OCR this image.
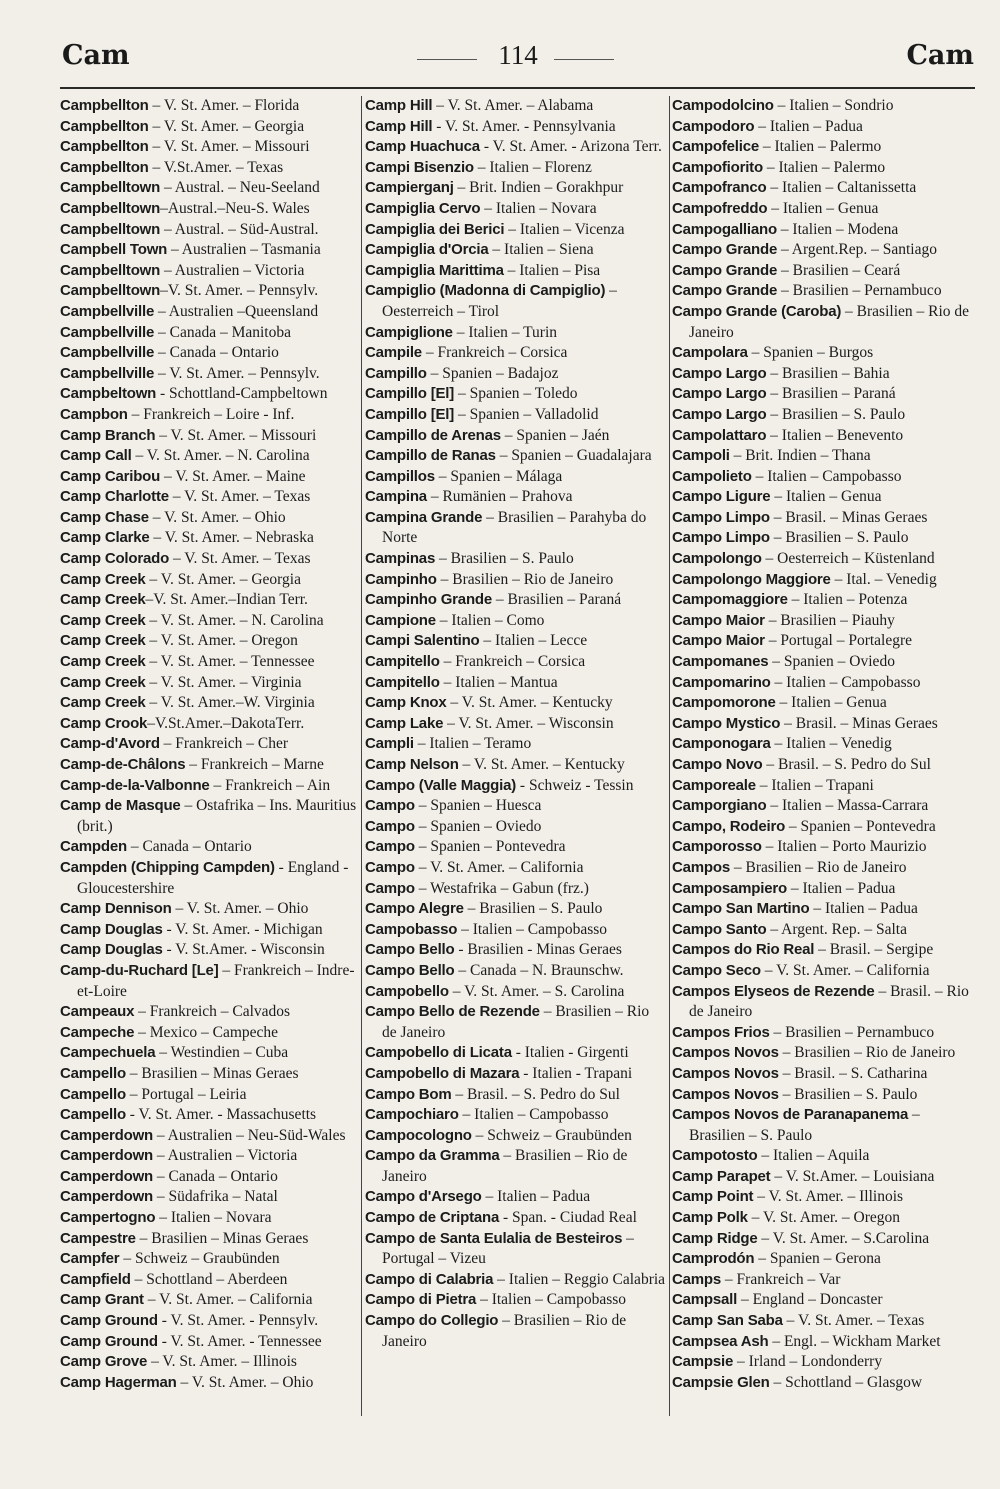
Cam	114	Cam
Campbellton – V. St. Amer. – Florida
Campbellton – V. St. Amer. – Georgia
Campbellton – V. St. Amer. – Missouri
Campbellton – V.St.Amer. – Texas
Campbelltown – Austral. – Neu-Seeland
Campbelltown–Austral.–Neu-S. Wales
Campbelltown – Austral. – Süd-Austral.
Campbell Town – Australien – Tasmania
Campbelltown – Australien – Victoria
Campbelltown–V. St. Amer. – Pennsylv.
Campbellville – Australien –Queensland
Campbellville – Canada – Manitoba
Campbellville – Canada – Ontario
Campbellville – V. St. Amer. – Pennsylv.
Campbeltown - Schottland-Campbeltown
Campbon – Frankreich – Loire - Inf.
Camp Branch – V. St. Amer. – Missouri
Camp Call – V. St. Amer. – N. Carolina
Camp Caribou – V. St. Amer. – Maine
Camp Charlotte – V. St. Amer. – Texas
Camp Chase – V. St. Amer. – Ohio
Camp Clarke – V. St. Amer. – Nebraska
Camp Colorado – V. St. Amer. – Texas
Camp Creek – V. St. Amer. – Georgia
Camp Creek–V. St. Amer.–Indian Terr.
Camp Creek – V. St. Amer. – N. Carolina
Camp Creek – V. St. Amer. – Oregon
Camp Creek – V. St. Amer. – Tennessee
Camp Creek – V. St. Amer. – Virginia
Camp Creek – V. St. Amer.–W. Virginia
Camp Crook–V.St.Amer.–DakotaTerr.
Camp-d'Avord – Frankreich – Cher
Camp-de-Châlons – Frankreich – Marne
Camp-de-la-Valbonne – Frankreich – Ain
Camp de Masque – Ostafrika – Ins. Mauritius (brit.)
Campden – Canada – Ontario
Campden (Chipping Campden) - England - Gloucestershire
Camp Dennison – V. St. Amer. – Ohio
Camp Douglas - V. St. Amer. - Michigan
Camp Douglas - V. St.Amer. - Wisconsin
Camp-du-Ruchard [Le] – Frankreich – Indre-et-Loire
Campeaux – Frankreich – Calvados
Campeche – Mexico – Campeche
Campechuela – Westindien – Cuba
Campello – Brasilien – Minas Geraes
Campello – Portugal – Leiria
Campello - V. St. Amer. - Massachusetts
Camperdown – Australien – Neu-Süd-Wales
Camperdown – Australien – Victoria
Camperdown – Canada – Ontario
Camperdown – Südafrika – Natal
Campertogno – Italien – Novara
Campestre – Brasilien – Minas Geraes
Campfer – Schweiz – Graubünden
Campfield – Schottland – Aberdeen
Camp Grant – V. St. Amer. – California
Camp Ground - V. St. Amer. - Pennsylv.
Camp Ground - V. St. Amer. - Tennessee
Camp Grove – V. St. Amer. – Illinois
Camp Hagerman – V. St. Amer. – Ohio
Camp Hill – V. St. Amer. – Alabama
Camp Hill - V. St. Amer. - Pennsylvania
Camp Huachuca - V. St. Amer. - Arizona Terr.
Campi Bisenzio – Italien – Florenz
Campierganj – Brit. Indien – Gorakhpur
Campiglia Cervo – Italien – Novara
Campiglia dei Berici – Italien – Vicenza
Campiglia d'Orcia – Italien – Siena
Campiglia Marittima – Italien – Pisa
Campiglio (Madonna di Campiglio) – Oesterreich – Tirol
Campiglione – Italien – Turin
Campile – Frankreich – Corsica
Campillo – Spanien – Badajoz
Campillo [El] – Spanien – Toledo
Campillo [El] – Spanien – Valladolid
Campillo de Arenas – Spanien – Jaén
Campillo de Ranas – Spanien – Guadalajara
Campillos – Spanien – Málaga
Campina – Rumänien – Prahova
Campina Grande – Brasilien – Parahyba do Norte
Campinas – Brasilien – S. Paulo
Campinho – Brasilien – Rio de Janeiro
Campinho Grande – Brasilien – Paraná
Campione – Italien – Como
Campi Salentino – Italien – Lecce
Campitello – Frankreich – Corsica
Campitello – Italien – Mantua
Camp Knox – V. St. Amer. – Kentucky
Camp Lake – V. St. Amer. – Wisconsin
Campli – Italien – Teramo
Camp Nelson – V. St. Amer. – Kentucky
Campo (Valle Maggia) - Schweiz - Tessin
Campo – Spanien – Huesca
Campo – Spanien – Oviedo
Campo – Spanien – Pontevedra
Campo – V. St. Amer. – California
Campo – Westafrika – Gabun (frz.)
Campo Alegre – Brasilien – S. Paulo
Campobasso – Italien – Campobasso
Campo Bello - Brasilien - Minas Geraes
Campo Bello – Canada – N. Braunschw.
Campobello – V. St. Amer. – S. Carolina
Campo Bello de Rezende – Brasilien – Rio de Janeiro
Campobello di Licata - Italien - Girgenti
Campobello di Mazara - Italien - Trapani
Campo Bom – Brasil. – S. Pedro do Sul
Campochiaro – Italien – Campobasso
Campocologno – Schweiz – Graubünden
Campo da Gramma – Brasilien – Rio de Janeiro
Campo d'Arsego – Italien – Padua
Campo de Criptana - Span. - Ciudad Real
Campo de Santa Eulalia de Besteiros – Portugal – Vizeu
Campo di Calabria – Italien – Reggio Calabria
Campo di Pietra – Italien – Campobasso
Campo do Collegio – Brasilien – Rio de Janeiro
Campodolcino – Italien – Sondrio
Campodoro – Italien – Padua
Campofelice – Italien – Palermo
Campofiorito – Italien – Palermo
Campofranco – Italien – Caltanissetta
Campofreddo – Italien – Genua
Campogalliano – Italien – Modena
Campo Grande – Argent.Rep. – Santiago
Campo Grande – Brasilien – Ceará
Campo Grande – Brasilien – Pernambuco
Campo Grande (Caroba) – Brasilien – Rio de Janeiro
Campolara – Spanien – Burgos
Campo Largo – Brasilien – Bahia
Campo Largo – Brasilien – Paraná
Campo Largo – Brasilien – S. Paulo
Campolattaro – Italien – Benevento
Campoli – Brit. Indien – Thana
Campolieto – Italien – Campobasso
Campo Ligure – Italien – Genua
Campo Limpo – Brasil. – Minas Geraes
Campo Limpo – Brasilien – S. Paulo
Campolongo – Oesterreich – Küstenland
Campolongo Maggiore – Ital. – Venedig
Campomaggiore – Italien – Potenza
Campo Maior – Brasilien – Piauhy
Campo Maior – Portugal – Portalegre
Campomanes – Spanien – Oviedo
Campomarino – Italien – Campobasso
Campomorone – Italien – Genua
Campo Mystico – Brasil. – Minas Geraes
Camponogara – Italien – Venedig
Campo Novo – Brasil. – S. Pedro do Sul
Camporeale – Italien – Trapani
Camporgiano – Italien – Massa-Carrara
Campo, Rodeiro – Spanien – Pontevedra
Camporosso – Italien – Porto Maurizio
Campos – Brasilien – Rio de Janeiro
Camposampiero – Italien – Padua
Campo San Martino – Italien – Padua
Campo Santo – Argent. Rep. – Salta
Campos do Rio Real – Brasil. – Sergipe
Campo Seco – V. St. Amer. – California
Campos Elyseos de Rezende – Brasil. – Rio de Janeiro
Campos Frios – Brasilien – Pernambuco
Campos Novos – Brasilien – Rio de Janeiro
Campos Novos – Brasil. – S. Catharina
Campos Novos – Brasilien – S. Paulo
Campos Novos de Paranapanema – Brasilien – S. Paulo
Campotosto – Italien – Aquila
Camp Parapet – V. St.Amer. – Louisiana
Camp Point – V. St. Amer. – Illinois
Camp Polk – V. St. Amer. – Oregon
Camp Ridge – V. St. Amer. – S.Carolina
Camprodón – Spanien – Gerona
Camps – Frankreich – Var
Campsall – England – Doncaster
Camp San Saba – V. St. Amer. – Texas
Campsea Ash – Engl. – Wickham Market
Campsie – Irland – Londonderry
Campsie Glen – Schottland – Glasgow
